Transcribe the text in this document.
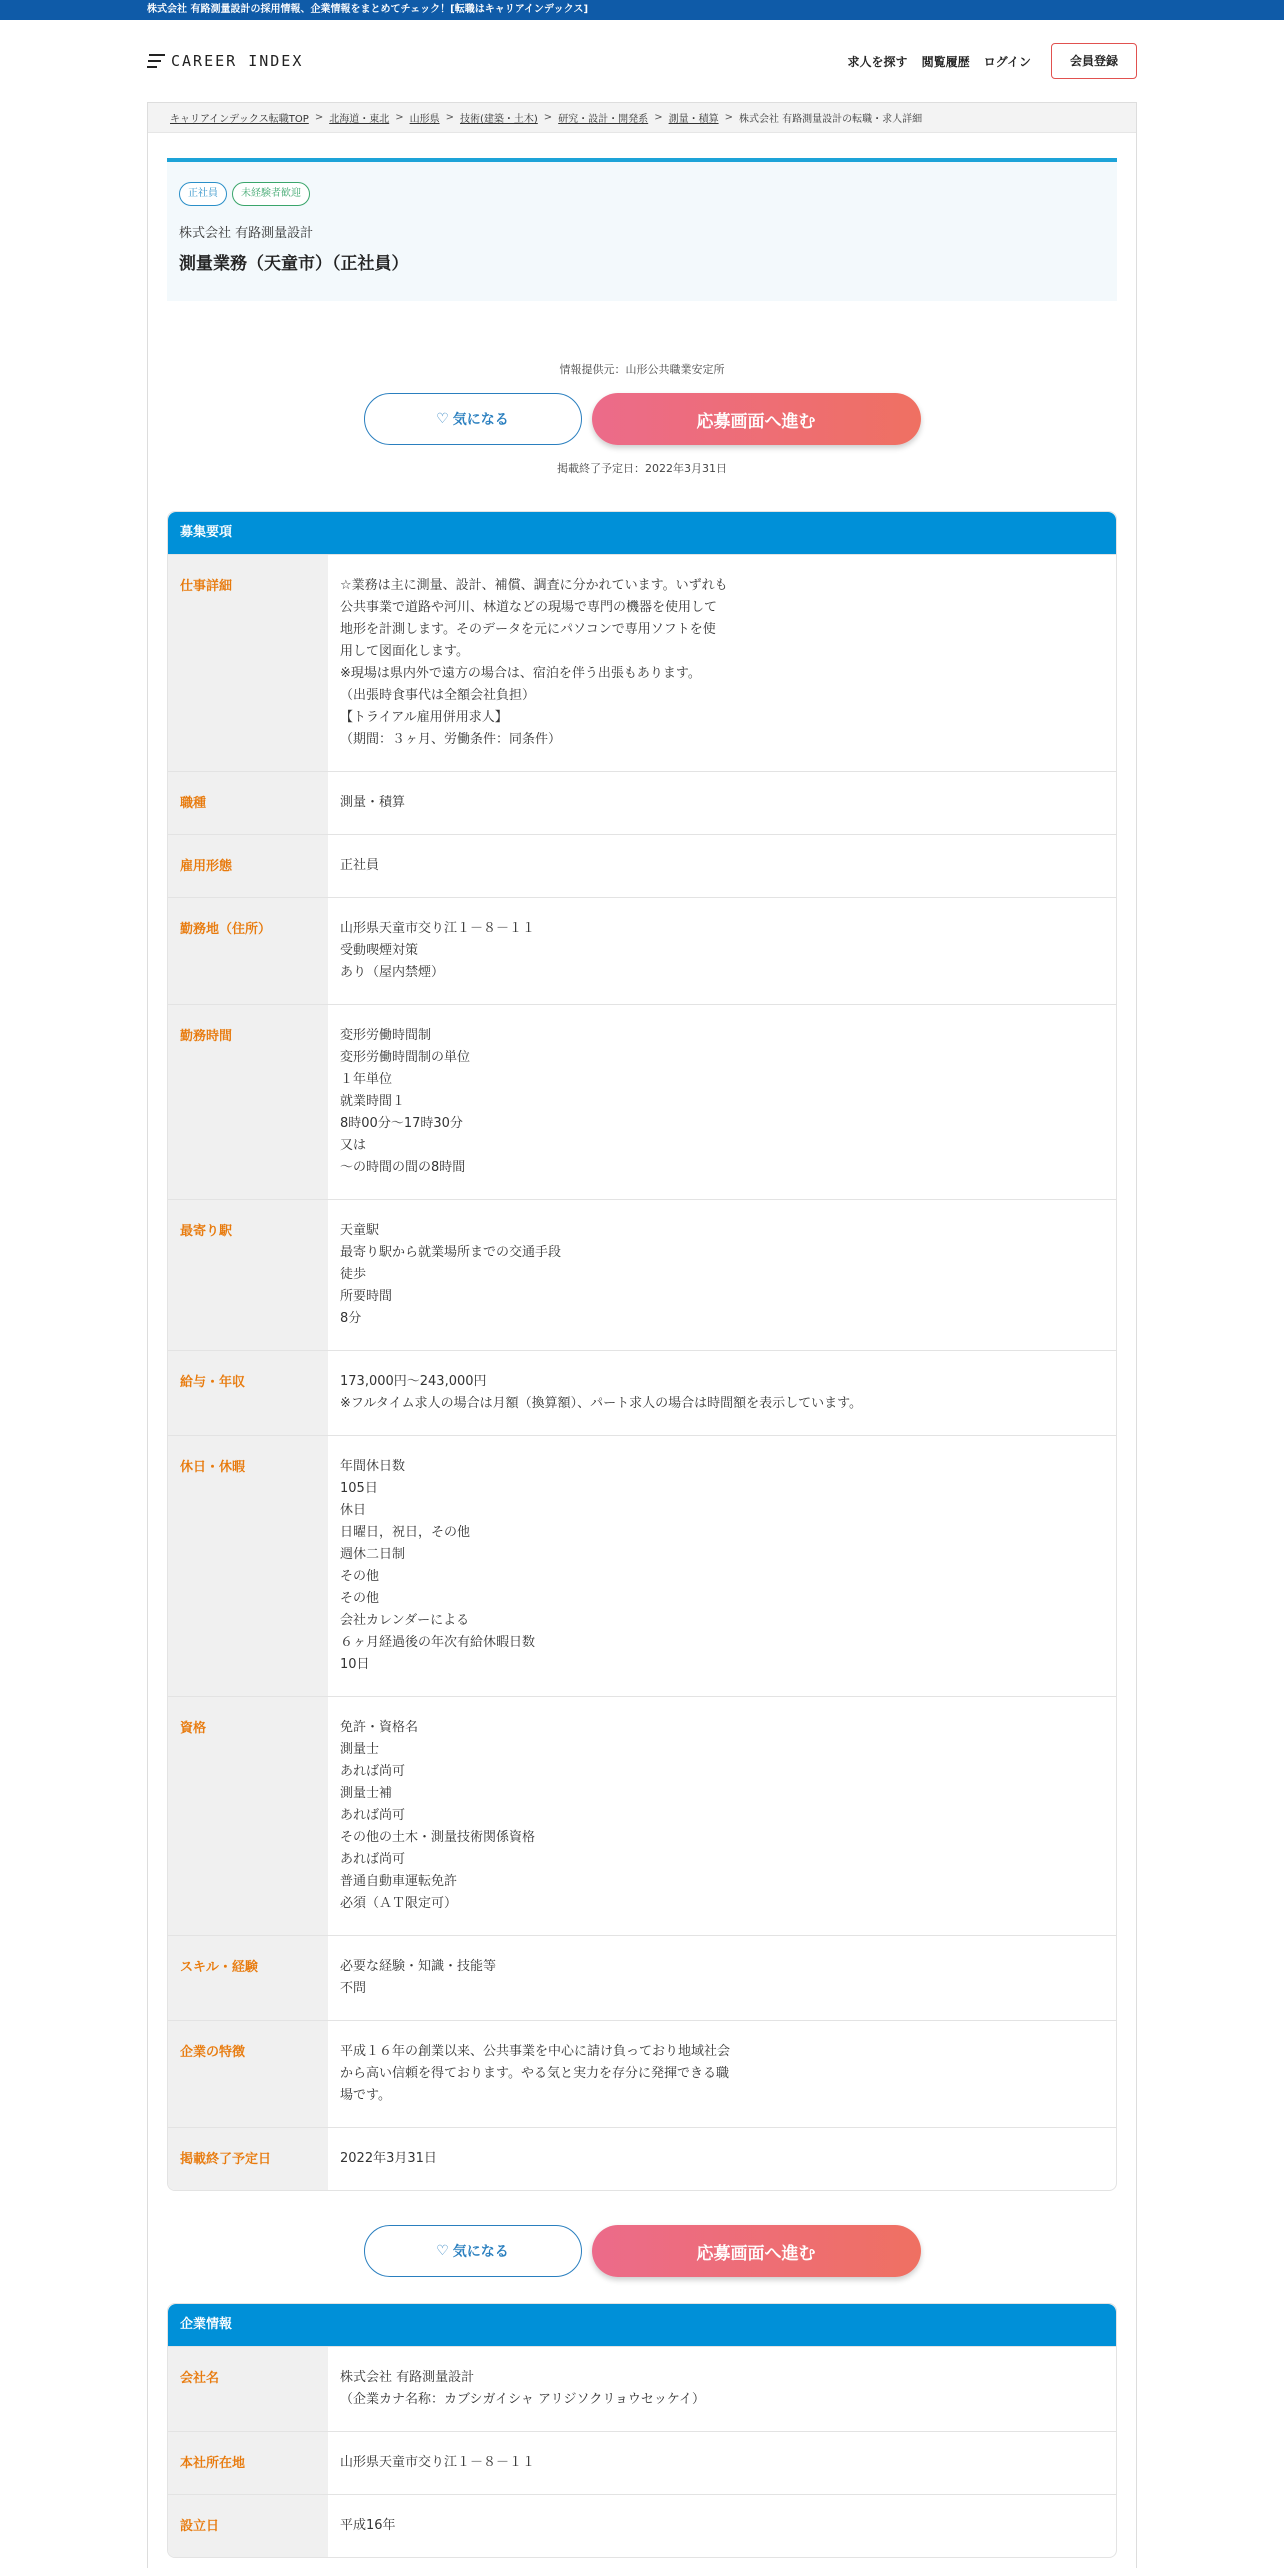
株式会社 有路測量設計の採用情報、企業情報をまとめてチェック！[転職はキャリアインデックス]
CAREER INDEX	求人を探す 閲覧履歴 ログイン	会員登録
キャリアインデックス転職TOP > 北海道・東北 > 山形県 > 技術(建築・土木) > 研究・設計・開発系 > 測量・積算 > 株式会社 有路測量設計の転職・求人詳細
正社員	未経験者歓迎
株式会社 有路測量設計
測量業務（天童市）（正社員）
情報提供元：山形公共職業安定所
♡ 気になる	応募画面へ進む
掲載終了予定日：2022年3月31日
募集要項
仕事詳細	☆業務は主に測量、設計、補償、調査に分かれています。いずれも
公共事業で道路や河川、林道などの現場で専門の機器を使用して
地形を計測します。そのデータを元にパソコンで専用ソフトを使
用して図面化します。
※現場は県内外で遠方の場合は、宿泊を伴う出張もあります。
（出張時食事代は全額会社負担）
【トライアル雇用併用求人】
（期間：３ヶ月、労働条件：同条件）
職種	測量・積算
雇用形態	正社員
勤務地（住所）	山形県天童市交り江１－８－１１
受動喫煙対策
あり（屋内禁煙）
勤務時間	変形労働時間制
変形労働時間制の単位
１年単位
就業時間１
8時00分〜17時30分
又は
〜の時間の間の8時間
最寄り駅	天童駅
最寄り駅から就業場所までの交通手段
徒歩
所要時間
8分
給与・年収	173,000円〜243,000円
※フルタイム求人の場合は月額（換算額）、パート求人の場合は時間額を表示しています。
休日・休暇	年間休日数
105日
休日
日曜日，祝日，その他
週休二日制
その他
その他
会社カレンダーによる
６ヶ月経過後の年次有給休暇日数
10日
資格	免許・資格名
測量士
あれば尚可
測量士補
あれば尚可
その他の土木・測量技術関係資格
あれば尚可
普通自動車運転免許
必須（ＡＴ限定可）
スキル・経験	必要な経験・知識・技能等
不問
企業の特徴	平成１６年の創業以来、公共事業を中心に請け負っており地域社会
から高い信頼を得ております。やる気と実力を存分に発揮できる職
場です。
掲載終了予定日	2022年3月31日
♡ 気になる	応募画面へ進む
企業情報
会社名	株式会社 有路測量設計
（企業カナ名称：カブシガイシャ アリジソクリョウセッケイ）
本社所在地	山形県天童市交り江１－８－１１
設立日	平成16年
